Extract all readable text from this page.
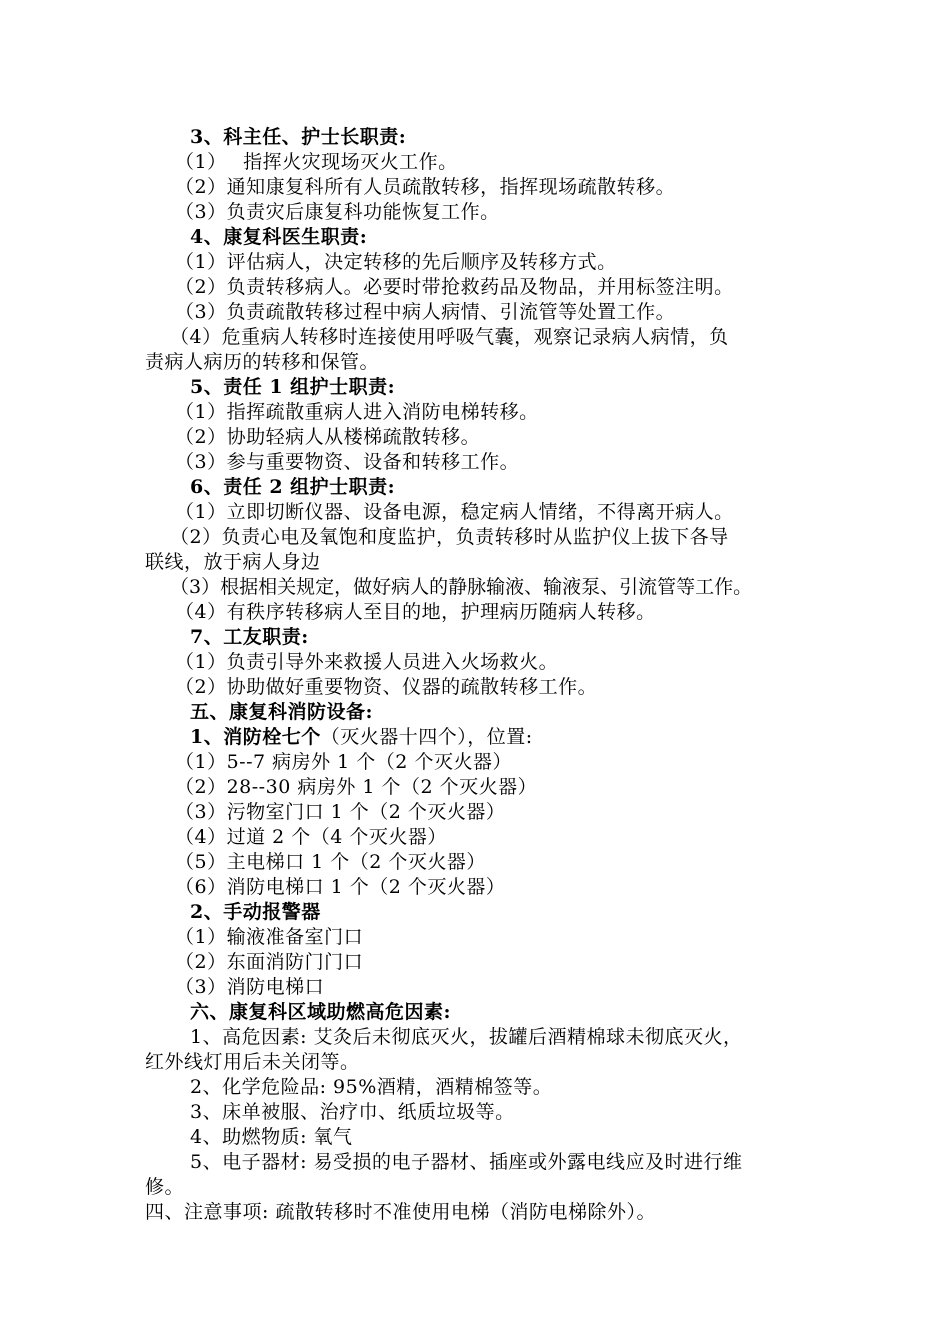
3、科主任、护士长职责:
（1）　 指挥火灾现场灭火工作。
（2）通知康复科所有人员疏散转移，指挥现场疏散转移。
（3）负责灾后康复科功能恢复工作。
4、康复科医生职责:
（1）评估病人，决定转移的先后顺序及转移方式。
（2）负责转移病人。必要时带抢救药品及物品，并用标签注明。
（3）负责疏散转移过程中病人病情、引流管等处置工作。
（4）危重病人转移时连接使用呼吸气囊，观察记录病人病情，负
责病人病历的转移和保管。
5、责任 1 组护士职责:
（1）指挥疏散重病人进入消防电梯转移。
（2）协助轻病人从楼梯疏散转移。
（3）参与重要物资、设备和转移工作。
6、责任 2 组护士职责:
（1）立即切断仪器、设备电源，稳定病人情绪，不得离开病人。
（2）负责心电及氧饱和度监护，负责转移时从监护仪上拔下各导
联线，放于病人身边
（3）根据相关规定，做好病人的静脉输液、输液泵、引流管等工作。
（4）有秩序转移病人至目的地，护理病历随病人转移。
7、工友职责:
（1）负责引导外来救援人员进入火场救火。
（2）协助做好重要物资、仪器的疏散转移工作。
五、康复科消防设备:
1、消防栓七个（灭火器十四个），位置:
（1）5--7 病房外 1 个（2 个灭火器）
（2）28--30 病房外 1 个（2 个灭火器）
（3）污物室门口 1 个（2 个灭火器）
（4）过道 2 个（4 个灭火器）
（5）主电梯口 1 个（2 个灭火器）
（6）消防电梯口 1 个（2 个灭火器）
2、手动报警器
（1）输液准备室门口
（2）东面消防门门口
（3）消防电梯口
六、康复科区域助燃高危因素:
1、高危因素: 艾灸后未彻底灭火，拔罐后酒精棉球未彻底灭火，
红外线灯用后未关闭等。
2、化学危险品: 95%酒精，酒精棉签等。
3、床单被服、治疗巾、纸质垃圾等。
4、助燃物质: 氧气
5、电子器材: 易受损的电子器材、插座或外露电线应及时进行维
修。
四、注意事项: 疏散转移时不准使用电梯（消防电梯除外）。
